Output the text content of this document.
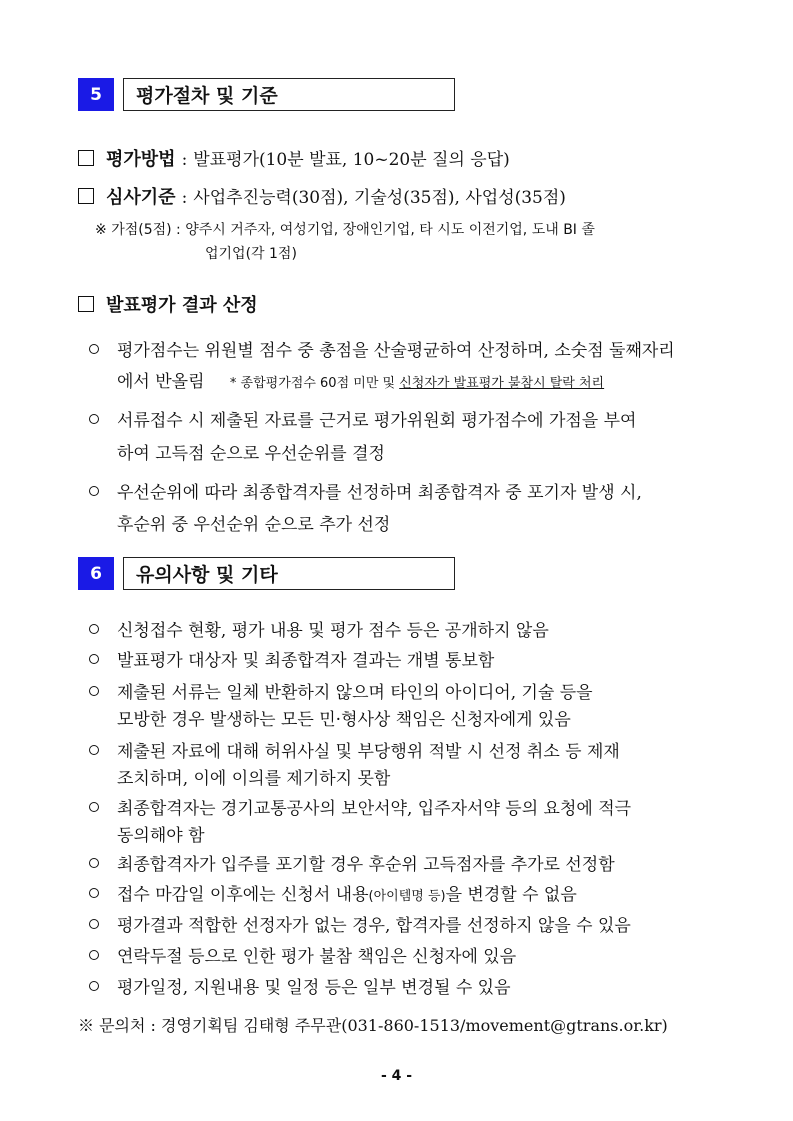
5	평가절차 및 기준
평가방법 : 발표평가(10분 발표, 10~20분 질의 응답)
심사기준 : 사업추진능력(30점), 기술성(35점), 사업성(35점)
※ 가점(5점) : 양주시 거주자, 여성기업, 장애인기업, 타 시도 이전기업, 도내 BI 졸
업기업(각 1점)
발표평가 결과 산정
평가점수는 위원별 점수 중 총점을 산술평균하여 산정하며, 소숫점 둘째자리
에서 반올림 * 종합평가점수 60점 미만 및 신청자가 발표평가 불참시 탈락 처리
서류접수 시 제출된 자료를 근거로 평가위원회 평가점수에 가점을 부여
하여 고득점 순으로 우선순위를 결정
우선순위에 따라 최종합격자를 선정하며 최종합격자 중 포기자 발생 시,
후순위 중 우선순위 순으로 추가 선정
6	유의사항 및 기타
신청접수 현황, 평가 내용 및 평가 점수 등은 공개하지 않음
발표평가 대상자 및 최종합격자 결과는 개별 통보함
제출된 서류는 일체 반환하지 않으며 타인의 아이디어, 기술 등을
모방한 경우 발생하는 모든 민·형사상 책임은 신청자에게 있음
제출된 자료에 대해 허위사실 및 부당행위 적발 시 선정 취소 등 제재
조치하며, 이에 이의를 제기하지 못함
최종합격자는 경기교통공사의 보안서약, 입주자서약 등의 요청에 적극
동의해야 함
최종합격자가 입주를 포기할 경우 후순위 고득점자를 추가로 선정함
접수 마감일 이후에는 신청서 내용(아이템명 등)을 변경할 수 없음
평가결과 적합한 선정자가 없는 경우, 합격자를 선정하지 않을 수 있음
연락두절 등으로 인한 평가 불참 책임은 신청자에 있음
평가일정, 지원내용 및 일정 등은 일부 변경될 수 있음
※ 문의처 : 경영기획팀 김태형 주무관(031-860-1513/movement@gtrans.or.kr)
- 4 -
